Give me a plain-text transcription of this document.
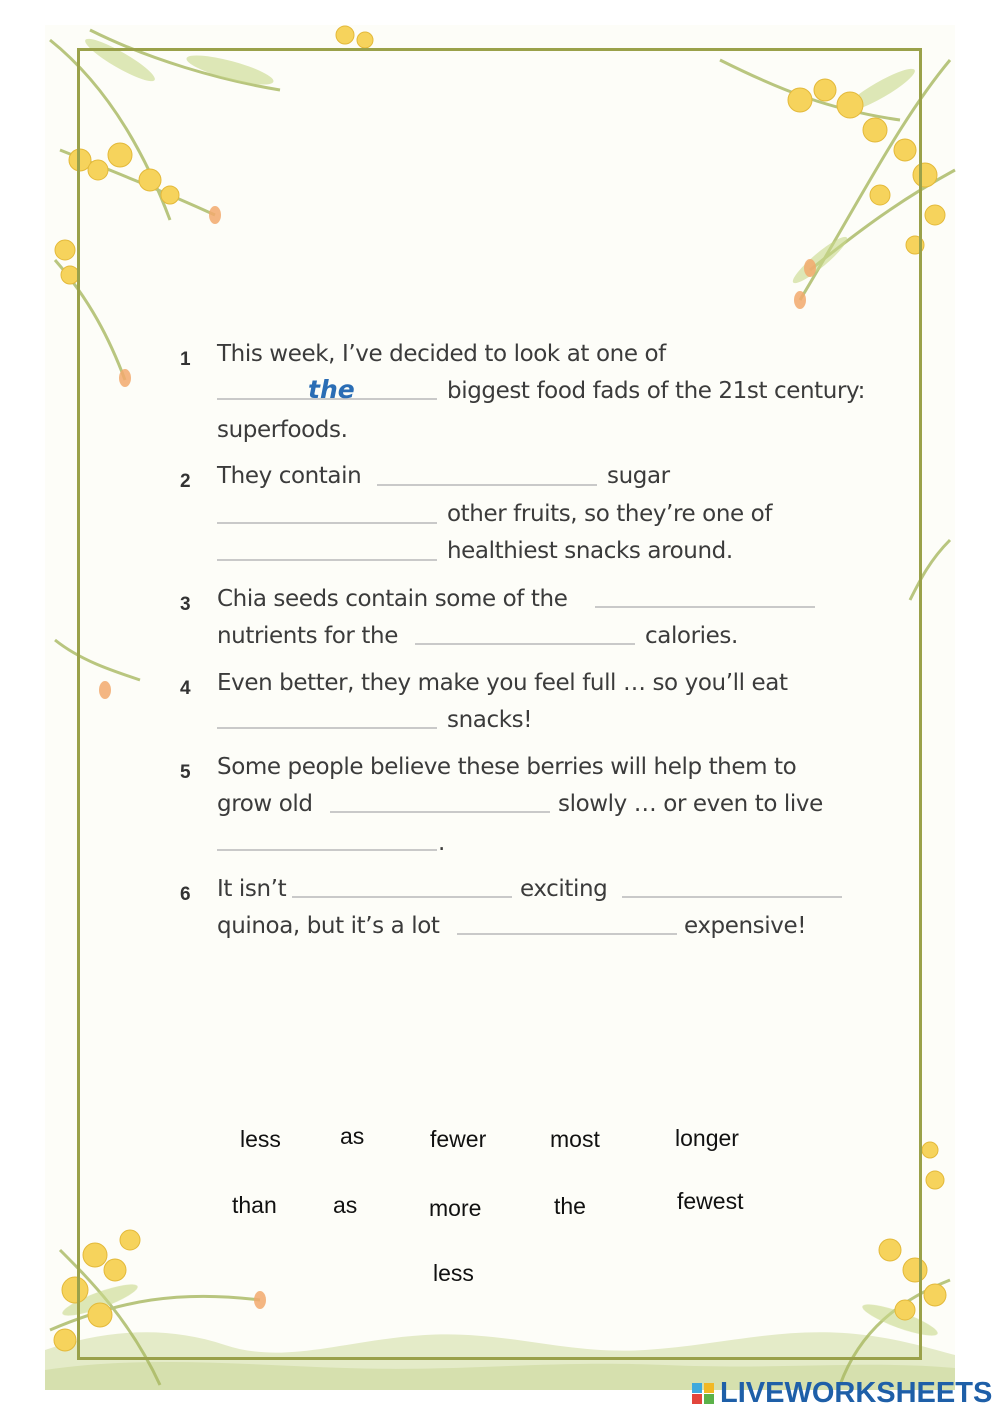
1 This week, I’ve decided to look at one of
the	biggest food fads of the 21st century:
superfoods.
2 They contain	sugar
other fruits, so they’re one of
healthiest snacks around.
3 Chia seeds contain some of the
nutrients for the	calories.
4 Even better, they make you feel full … so you’ll eat
snacks!
5 Some people believe these berries will help them to
grow old	slowly … or even to live
.
6 It isn’t	exciting
quinoa, but it’s a lot	expensive!
less	as	fewer	most	longer
than as	more	the	fewest
less
LIVEWORKSHEETS
